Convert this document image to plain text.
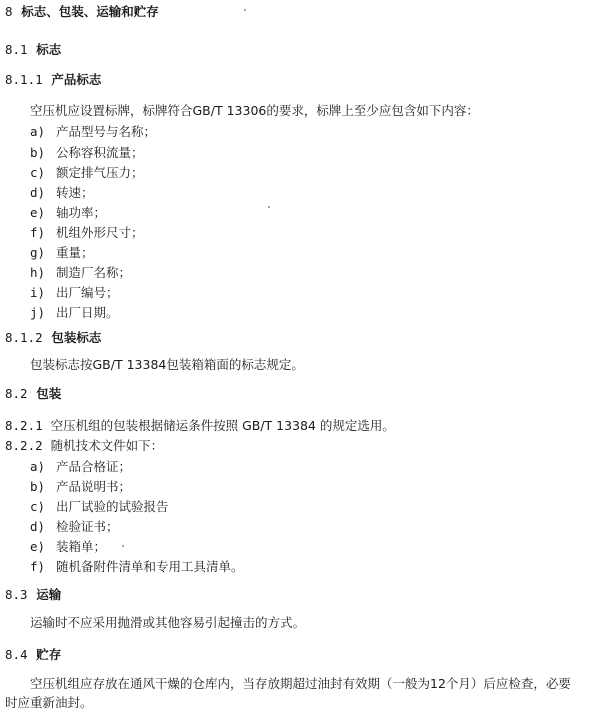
8 标志、包装、运输和贮存
8.1 标志
8.1.1 产品标志
空压机应设置标牌，标牌符合GB/T 13306的要求，标牌上至少应包含如下内容：
a) 产品型号与名称；
b) 公称容积流量；
c) 额定排气压力；
d) 转速；
e) 轴功率；
f) 机组外形尺寸；
g) 重量；
h) 制造厂名称；
i) 出厂编号；
j) 出厂日期。
8.1.2 包装标志
包装标志按GB/T 13384包装箱箱面的标志规定。
8.2 包装
8.2.1 空压机组的包装根据储运条件按照 GB/T 13384 的规定选用。
8.2.2 随机技术文件如下：
a) 产品合格证；
b) 产品说明书；
c) 出厂试验的试验报告
d) 检验证书；
e) 装箱单；
f) 随机备附件清单和专用工具清单。
8.3 运输
运输时不应采用抛滑或其他容易引起撞击的方式。
8.4 贮存
空压机组应存放在通风干燥的仓库内，当存放期超过油封有效期（一般为12个月）后应检查，必要
时应重新油封。
